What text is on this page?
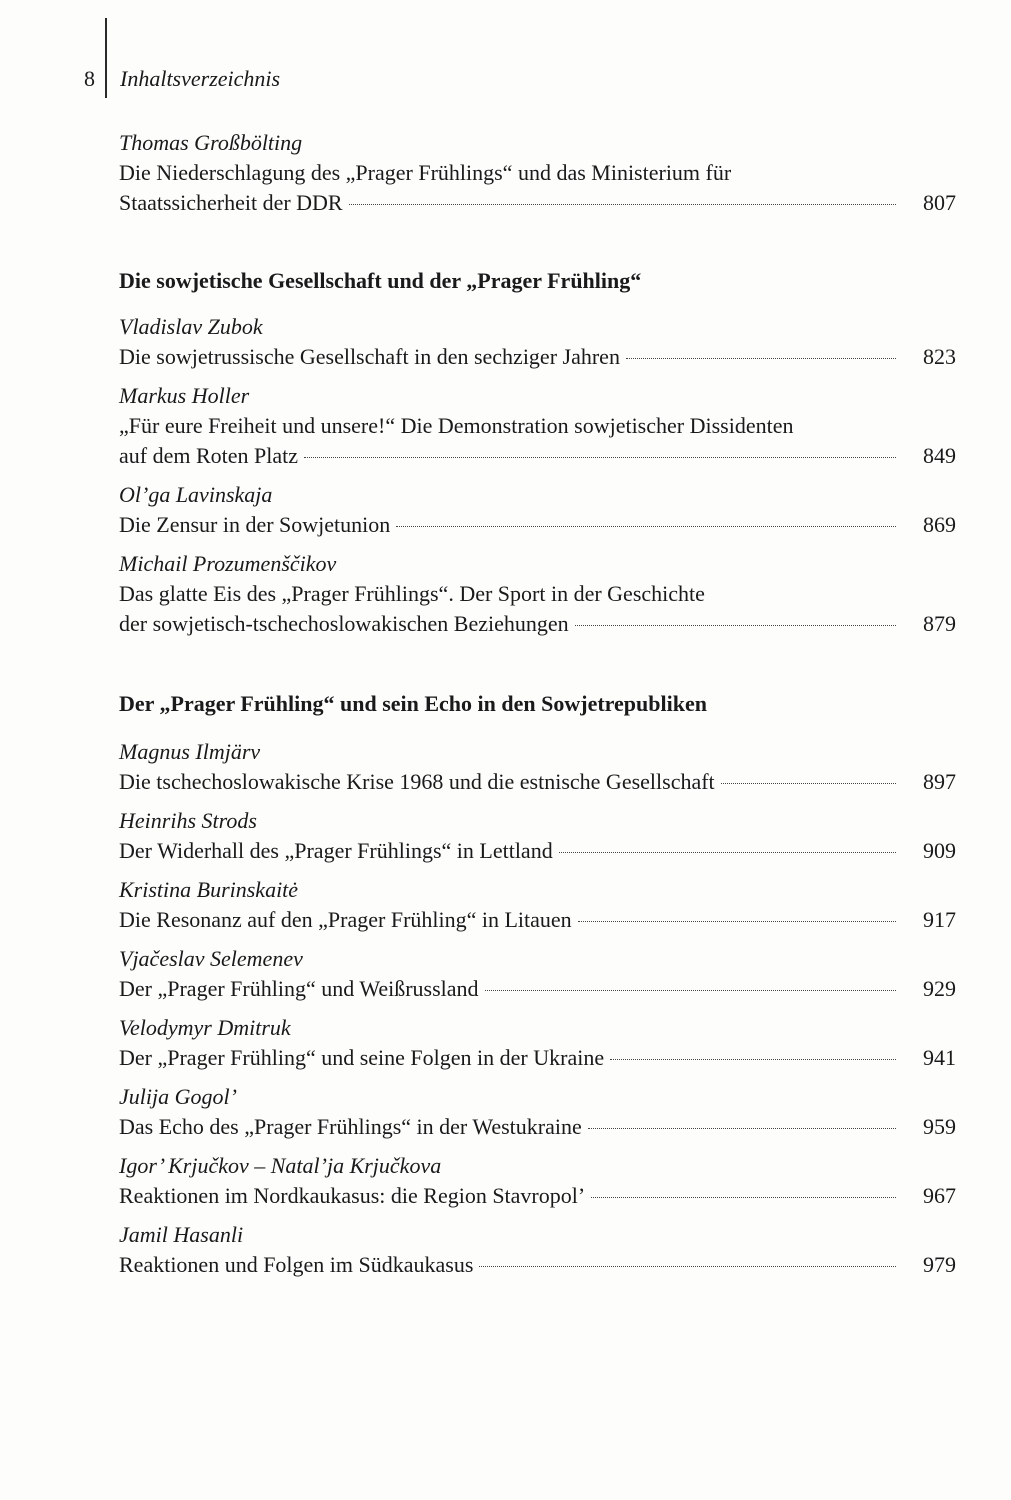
8 Inhaltsverzeichnis
Thomas Großbölting
Die Niederschlagung des „Prager Frühlings“ und das Ministerium für
Staatssicherheit der DDR	807
Die sowjetische Gesellschaft und der „Prager Frühling“
Vladislav Zubok
Die sowjetrussische Gesellschaft in den sechziger Jahren	823
Markus Holler
„Für eure Freiheit und unsere!“ Die Demonstration sowjetischer Dissidenten
auf dem Roten Platz	849
Ol’ga Lavinskaja
Die Zensur in der Sowjetunion	869
Michail Prozumenščikov
Das glatte Eis des „Prager Frühlings“. Der Sport in der Geschichte
der sowjetisch-tschechoslowakischen Beziehungen	879
Der „Prager Frühling“ und sein Echo in den Sowjetrepubliken
Magnus Ilmjärv
Die tschechoslowakische Krise 1968 und die estnische Gesellschaft	897
Heinrihs Strods
Der Widerhall des „Prager Frühlings“ in Lettland	909
Kristina Burinskaitė
Die Resonanz auf den „Prager Frühling“ in Litauen	917
Vjačeslav Selemenev
Der „Prager Frühling“ und Weißrussland	929
Velodymyr Dmitruk
Der „Prager Frühling“ und seine Folgen in der Ukraine	941
Julija Gogol’
Das Echo des „Prager Frühlings“ in der Westukraine	959
Igor’ Krjučkov – Natal’ja Krjučkova
Reaktionen im Nordkaukasus: die Region Stavropol’	967
Jamil Hasanli
Reaktionen und Folgen im Südkaukasus	979
